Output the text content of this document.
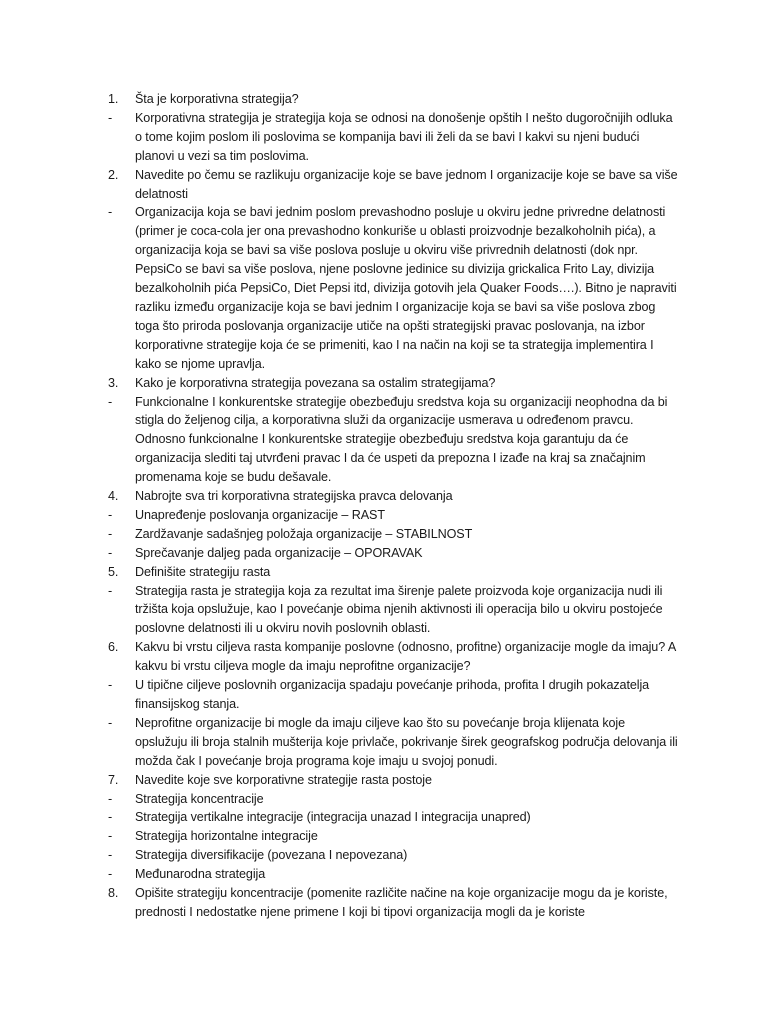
1.	Šta je korporativna strategija?
-	Korporativna strategija je strategija koja se odnosi na donošenje opštih I nešto dugoročnijih odluka o tome kojim poslom ili poslovima se kompanija bavi ili želi da se bavi I kakvi su njeni budući planovi u vezi sa tim poslovima.
2.	Navedite po čemu se razlikuju organizacije koje se bave jednom I organizacije koje se bave sa više delatnosti
-	Organizacija koja se bavi jednim poslom prevashodno posluje u okviru jedne privredne delatnosti (primer je coca-cola jer ona prevashodno konkuriše u oblasti proizvodnje bezalkoholnih pića), a organizacija koja se bavi sa više poslova posluje u okviru više privrednih delatnosti (dok npr. PepsiCo se bavi sa više poslova, njene poslovne jedinice su divizija grickalica Frito Lay, divizija bezalkoholnih pića PepsiCo, Diet Pepsi itd, divizija gotovih jela Quaker Foods….). Bitno je napraviti razliku između organizacije koja se bavi jednim I organizacije koja se bavi sa više poslova zbog toga što priroda poslovanja organizacije utiče na opšti strategijski pravac poslovanja, na izbor korporativne strategije koja će se primeniti, kao I na način na koji se ta strategija implementira I kako se njome upravlja.
3.	Kako je korporativna strategija povezana sa ostalim strategijama?
-	Funkcionalne I konkurentske strategije obezbeđuju sredstva koja su organizaciji neophodna da bi stigla do željenog cilja, a korporativna služi da organizacije usmerava u određenom pravcu. Odnosno funkcionalne I konkurentske strategije obezbeđuju sredstva koja garantuju da će organizacija slediti taj utvrđeni pravac I da će uspeti da prepozna I izađe na kraj sa značajnim promenama koje se budu dešavale.
4.	Nabrojte sva tri korporativna strategijska pravca delovanja
-	Unapređenje poslovanja organizacije – RAST
-	Zardžavanje sadašnjeg položaja organizacije – STABILNOST
-	Sprečavanje daljeg pada organizacije – OPORAVAK
5.	Definišite strategiju rasta
-	Strategija rasta je strategija koja za rezultat ima širenje palete proizvoda koje organizacija nudi ili tržišta koja opslužuje, kao I povećanje obima njenih aktivnosti ili operacija bilo u okviru postojeće poslovne delatnosti ili u okviru novih poslovnih oblasti.
6.	Kakvu bi vrstu ciljeva rasta kompanije poslovne (odnosno, profitne) organizacije mogle da imaju? A kakvu bi vrstu ciljeva mogle da imaju neprofitne organizacije?
-	U tipične ciljeve poslovnih organizacija spadaju povećanje prihoda, profita I drugih pokazatelja finansijskog stanja.
-	Neprofitne organizacije bi mogle da imaju ciljeve kao što su povećanje broja klijenata koje opslužuju ili broja stalnih mušterija koje privlače, pokrivanje širek geografskog područja delovanja ili možda čak I povećanje broja programa koje imaju u svojoj ponudi.
7.	Navedite koje sve korporativne strategije rasta postoje
-	Strategija koncentracije
-	Strategija vertikalne integracije (integracija unazad I integracija unapred)
-	Strategija horizontalne integracije
-	Strategija diversifikacije (povezana I nepovezana)
-	Međunarodna strategija
8.	Opišite strategiju koncentracije (pomenite različite načine na koje organizacije mogu da je koriste, prednosti I nedostatke njene primene I koji bi tipovi organizacija mogli da je koriste
